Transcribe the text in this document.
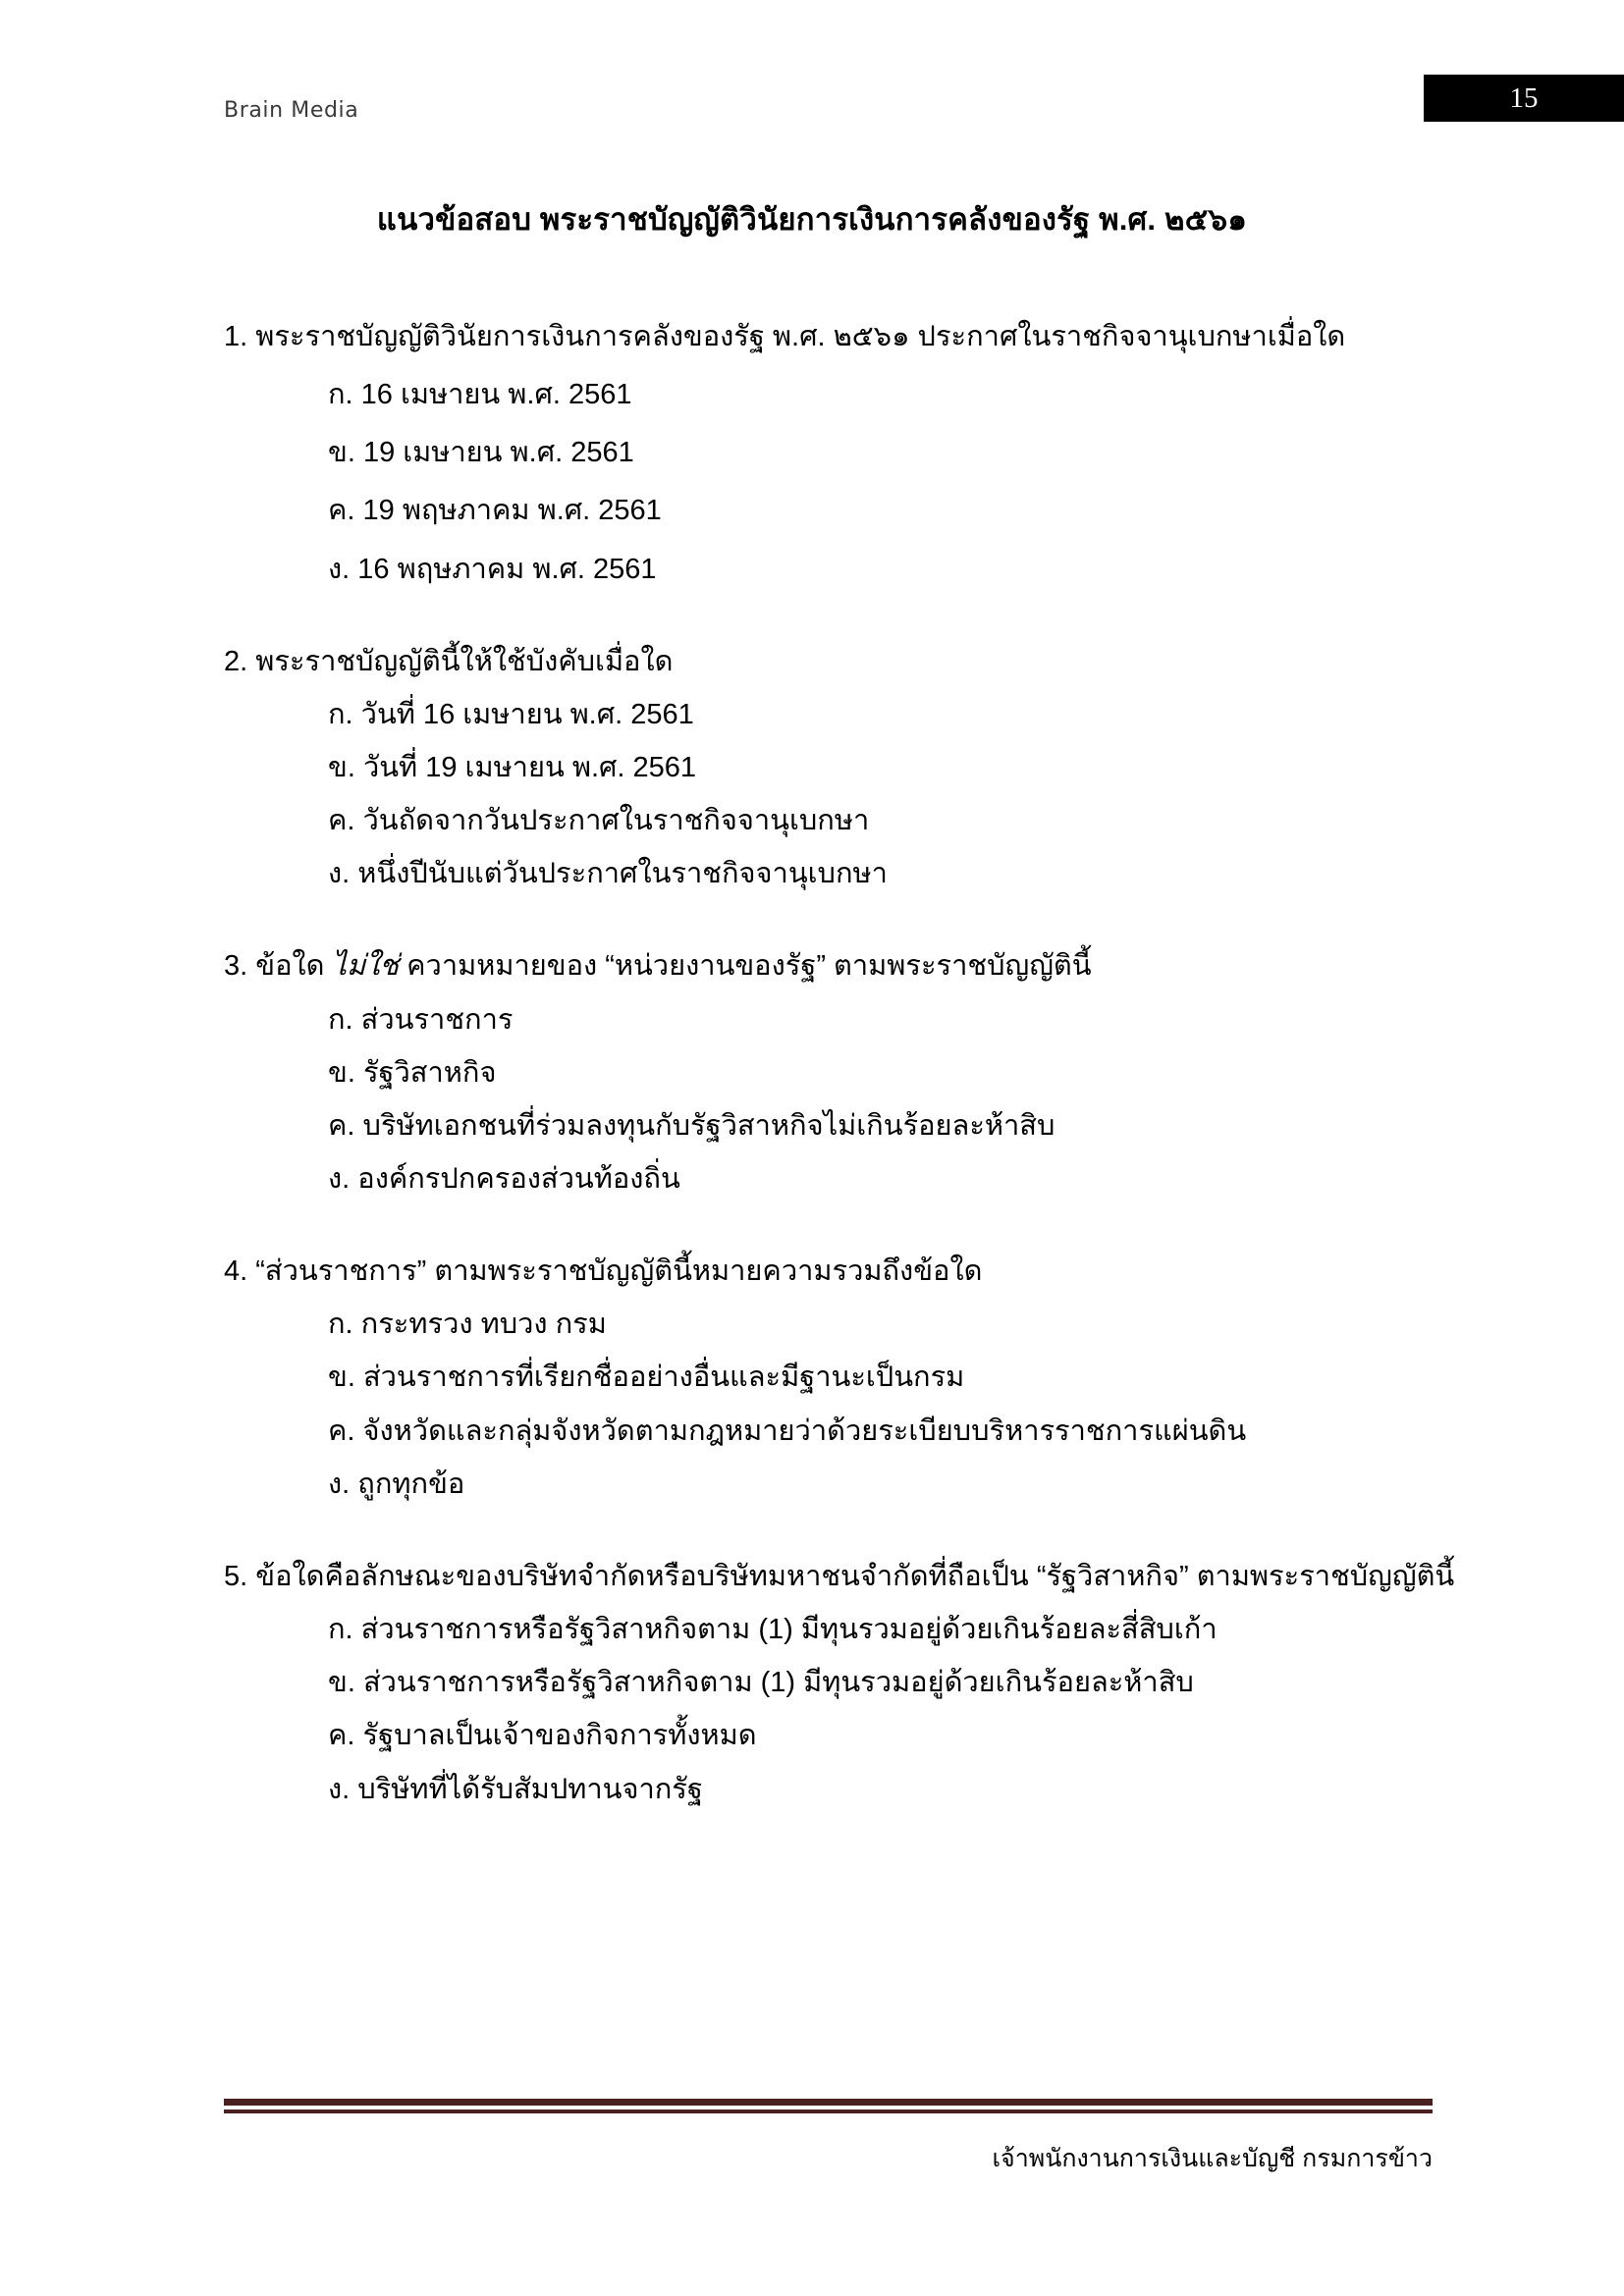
Brain Media	15
แนวข้อสอบ พระราชบัญญัติวินัยการเงินการคลังของรัฐ พ.ศ. ๒๕๖๑

1. พระราชบัญญัติวินัยการเงินการคลังของรัฐ พ.ศ. ๒๕๖๑ ประกาศในราชกิจจานุเบกษาเมื่อใด

ก. 16 เมษายน พ.ศ. 2561
ข. 19 เมษายน พ.ศ. 2561
ค. 19 พฤษภาคม พ.ศ. 2561
ง. 16 พฤษภาคม พ.ศ. 2561

2. พระราชบัญญัตินี้ให้ใช้บังคับเมื่อใด

ก. วันที่ 16 เมษายน พ.ศ. 2561
ข. วันที่ 19 เมษายน พ.ศ. 2561
ค. วันถัดจากวันประกาศในราชกิจจานุเบกษา
ง. หนึ่งปีนับแต่วันประกาศในราชกิจจานุเบกษา

3. ข้อใด ไม่ใช่ ความหมายของ “หน่วยงานของรัฐ” ตามพระราชบัญญัตินี้

ก. ส่วนราชการ
ข. รัฐวิสาหกิจ
ค. บริษัทเอกชนที่ร่วมลงทุนกับรัฐวิสาหกิจไม่เกินร้อยละห้าสิบ
ง. องค์กรปกครองส่วนท้องถิ่น

4. “ส่วนราชการ” ตามพระราชบัญญัตินี้หมายความรวมถึงข้อใด

ก. กระทรวง ทบวง กรม
ข. ส่วนราชการที่เรียกชื่ออย่างอื่นและมีฐานะเป็นกรม
ค. จังหวัดและกลุ่มจังหวัดตามกฎหมายว่าด้วยระเบียบบริหารราชการแผ่นดิน
ง. ถูกทุกข้อ

5. ข้อใดคือลักษณะของบริษัทจำกัดหรือบริษัทมหาชนจำกัดที่ถือเป็น “รัฐวิสาหกิจ” ตามพระราชบัญญัตินี้

ก. ส่วนราชการหรือรัฐวิสาหกิจตาม (1) มีทุนรวมอยู่ด้วยเกินร้อยละสี่สิบเก้า
ข. ส่วนราชการหรือรัฐวิสาหกิจตาม (1) มีทุนรวมอยู่ด้วยเกินร้อยละห้าสิบ
ค. รัฐบาลเป็นเจ้าของกิจการทั้งหมด
ง. บริษัทที่ได้รับสัมปทานจากรัฐ
เจ้าพนักงานการเงินและบัญชี กรมการข้าว
